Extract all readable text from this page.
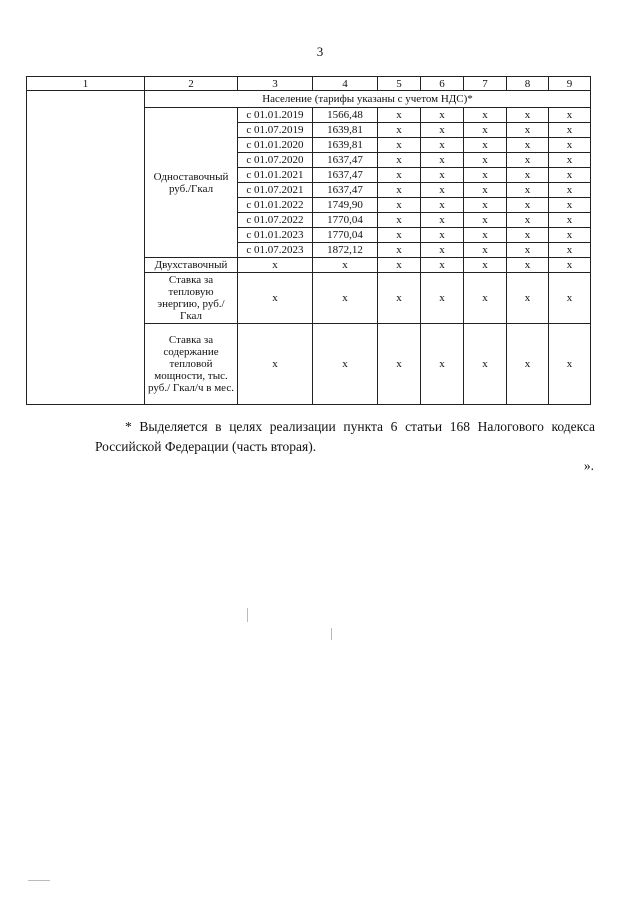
3
1	2	3	4	5	6	7	8	9
	Население (тарифы указаны с учетом НДС)*							
	Одноставочный руб./Гкал	с 01.01.2019	1566,48	x	x	x	x	x
		с 01.07.2019	1639,81	x	x	x	x	x
		с 01.01.2020	1639,81	x	x	x	x	x
		с 01.07.2020	1637,47	x	x	x	x	x
		с 01.01.2021	1637,47	x	x	x	x	x
		с 01.07.2021	1637,47	x	x	x	x	x
		с 01.01.2022	1749,90	x	x	x	x	x
		с 01.07.2022	1770,04	x	x	x	x	x
		с 01.01.2023	1770,04	x	x	x	x	x
		с 01.07.2023	1872,12	x	x	x	x	x
	Двухставочный	x	x	x	x	x	x	x
	Ставка за тепловую энергию, руб./Гкал	x	x	x	x	x	x	x
	Ставка за содержание тепловой мощности, тыс. руб./ Гкал/ч в мес.	x	x	x	x	x	x	x
* Выделяется в целях реализации пункта 6 статьи 168 Налогового кодекса Российской Федерации (часть вторая).
».
